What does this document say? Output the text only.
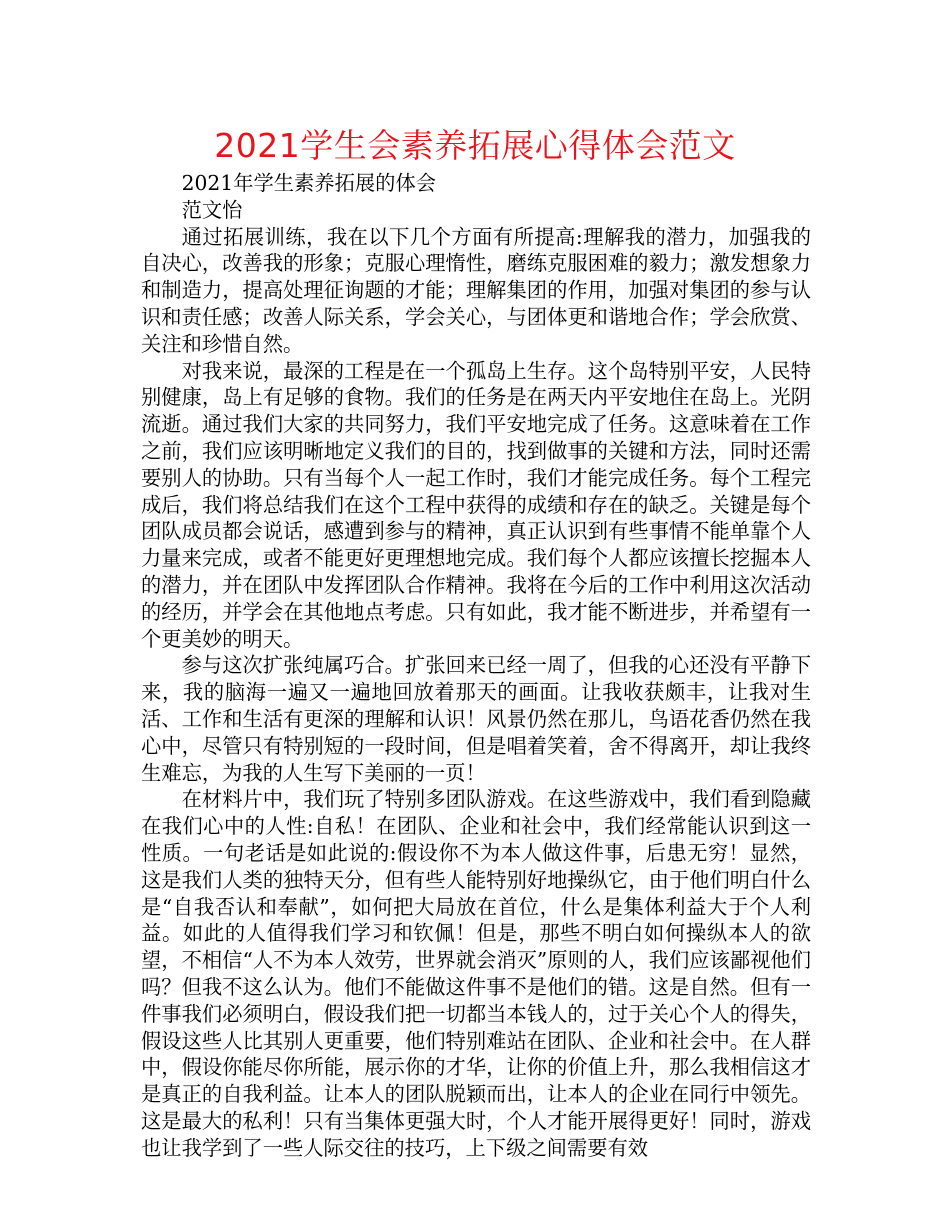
2021学生会素养拓展心得体会范文

2021年学生素养拓展的体会

范文怡

通过拓展训练，我在以下几个方面有所提高:理解我的潜力，加强我的自决心，改善我的形象；克服心理惰性，磨练克服困难的毅力；激发想象力和制造力，提高处理征询题的才能；理解集团的作用，加强对集团的参与认识和责任感；改善人际关系，学会关心，与团体更和谐地合作；学会欣赏、关注和珍惜自然。

对我来说，最深的工程是在一个孤岛上生存。这个岛特别平安，人民特别健康，岛上有足够的食物。我们的任务是在两天内平安地住在岛上。光阴流逝。通过我们大家的共同努力，我们平安地完成了任务。这意味着在工作之前，我们应该明晰地定义我们的目的，找到做事的关键和方法，同时还需要别人的协助。只有当每个人一起工作时，我们才能完成任务。每个工程完成后，我们将总结我们在这个工程中获得的成绩和存在的缺乏。关键是每个团队成员都会说话，感遭到参与的精神，真正认识到有些事情不能单靠个人力量来完成，或者不能更好更理想地完成。我们每个人都应该擅长挖掘本人的潜力，并在团队中发挥团队合作精神。我将在今后的工作中利用这次活动的经历，并学会在其他地点考虑。只有如此，我才能不断进步，并希望有一个更美妙的明天。

参与这次扩张纯属巧合。扩张回来已经一周了，但我的心还没有平静下来，我的脑海一遍又一遍地回放着那天的画面。让我收获颇丰，让我对生活、工作和生活有更深的理解和认识！风景仍然在那儿，鸟语花香仍然在我心中，尽管只有特别短的一段时间，但是唱着笑着，舍不得离开，却让我终生难忘，为我的人生写下美丽的一页！

在材料片中，我们玩了特别多团队游戏。在这些游戏中，我们看到隐藏在我们心中的人性:自私！在团队、企业和社会中，我们经常能认识到这一性质。一句老话是如此说的:假设你不为本人做这件事，后患无穷！显然，这是我们人类的独特天分，但有些人能特别好地操纵它，由于他们明白什么是“自我否认和奉献”，如何把大局放在首位，什么是集体利益大于个人利益。如此的人值得我们学习和钦佩！但是，那些不明白如何操纵本人的欲望，不相信“人不为本人效劳，世界就会消灭”原则的人，我们应该鄙视他们吗？但我不这么认为。他们不能做这件事不是他们的错。这是自然。但有一件事我们必须明白，假设我们把一切都当本钱人的，过于关心个人的得失，假设这些人比其别人更重要，他们特别难站在团队、企业和社会中。在人群中，假设你能尽你所能，展示你的才华，让你的价值上升，那么我相信这才是真正的自我利益。让本人的团队脱颖而出，让本人的企业在同行中领先。这是最大的私利！只有当集体更强大时，个人才能开展得更好！同时，游戏也让我学到了一些人际交往的技巧，上下级之间需要有效
